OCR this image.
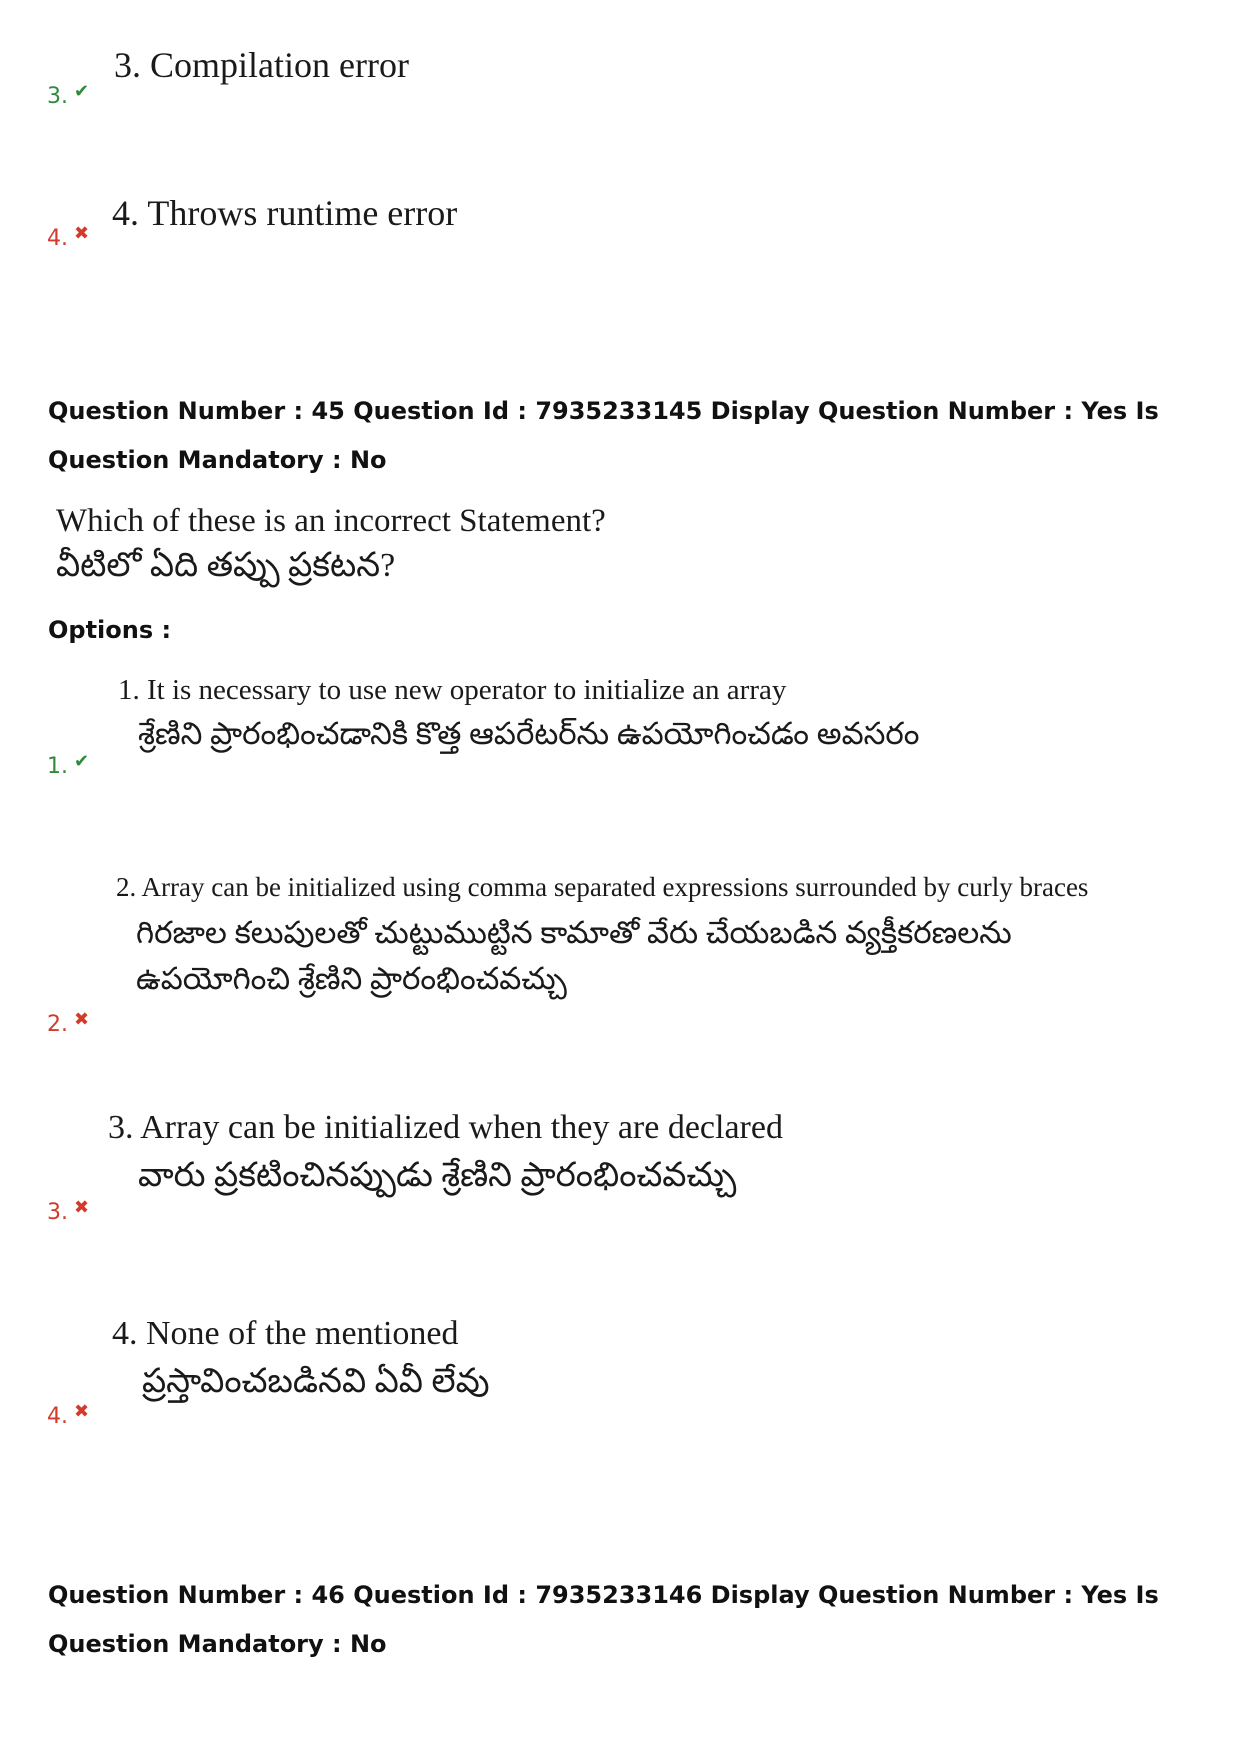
3. Compilation error
3. ✔
4. Throws runtime error
4. ✖
Question Number : 45 Question Id : 7935233145 Display Question Number : Yes Is Question Mandatory : No
Which of these is an incorrect Statement?
వీటిలో ఏది తప్పు ప్రకటన?
Options :
1. It is necessary to use new operator to initialize an array
శ్రేణిని ప్రారంభించడానికి కొత్త ఆపరేటర్‌ను ఉపయోగించడం అవసరం
1. ✔
2. Array can be initialized using comma separated expressions surrounded by curly braces
గిరజాల కలుపులతో చుట్టుముట్టిన కామాతో వేరు చేయబడిన వ్యక్తీకరణలను
ఉపయోగించి శ్రేణిని ప్రారంభించవచ్చు
2. ✖
3. Array can be initialized when they are declared
వారు ప్రకటించినప్పుడు శ్రేణిని ప్రారంభించవచ్చు
3. ✖
4. None of the mentioned
ప్రస్తావించబడినవి ఏవీ లేవు
4. ✖
Question Number : 46 Question Id : 7935233146 Display Question Number : Yes Is Question Mandatory : No
